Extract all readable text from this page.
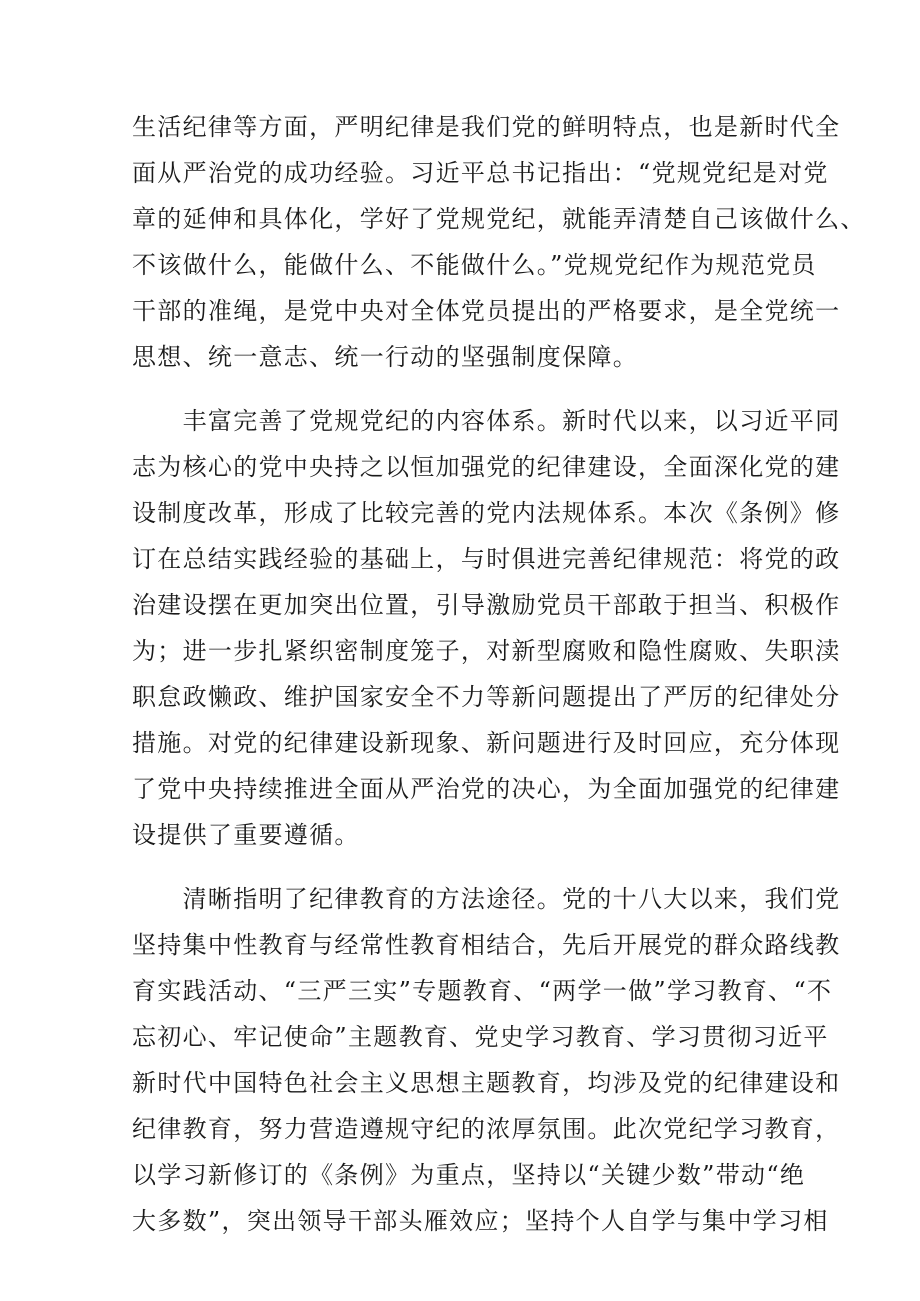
生活纪律等方面，严明纪律是我们党的鲜明特点，也是新时代全
面从严治党的成功经验。习近平总书记指出：“党规党纪是对党
章的延伸和具体化，学好了党规党纪，就能弄清楚自己该做什么、
不该做什么，能做什么、不能做什么。”党规党纪作为规范党员
干部的准绳，是党中央对全体党员提出的严格要求，是全党统一
思想、统一意志、统一行动的坚强制度保障。
　　丰富完善了党规党纪的内容体系。新时代以来，以习近平同
志为核心的党中央持之以恒加强党的纪律建设，全面深化党的建
设制度改革，形成了比较完善的党内法规体系。本次《条例》修
订在总结实践经验的基础上，与时俱进完善纪律规范：将党的政
治建设摆在更加突出位置，引导激励党员干部敢于担当、积极作
为；进一步扎紧织密制度笼子，对新型腐败和隐性腐败、失职渎
职怠政懒政、维护国家安全不力等新问题提出了严厉的纪律处分
措施。对党的纪律建设新现象、新问题进行及时回应，充分体现
了党中央持续推进全面从严治党的决心，为全面加强党的纪律建
设提供了重要遵循。
　　清晰指明了纪律教育的方法途径。党的十八大以来，我们党
坚持集中性教育与经常性教育相结合，先后开展党的群众路线教
育实践活动、“三严三实”专题教育、“两学一做”学习教育、“不
忘初心、牢记使命”主题教育、党史学习教育、学习贯彻习近平
新时代中国特色社会主义思想主题教育，均涉及党的纪律建设和
纪律教育，努力营造遵规守纪的浓厚氛围。此次党纪学习教育，
以学习新修订的《条例》为重点，坚持以“关键少数”带动“绝
大多数”，突出领导干部头雁效应；坚持个人自学与集中学习相
